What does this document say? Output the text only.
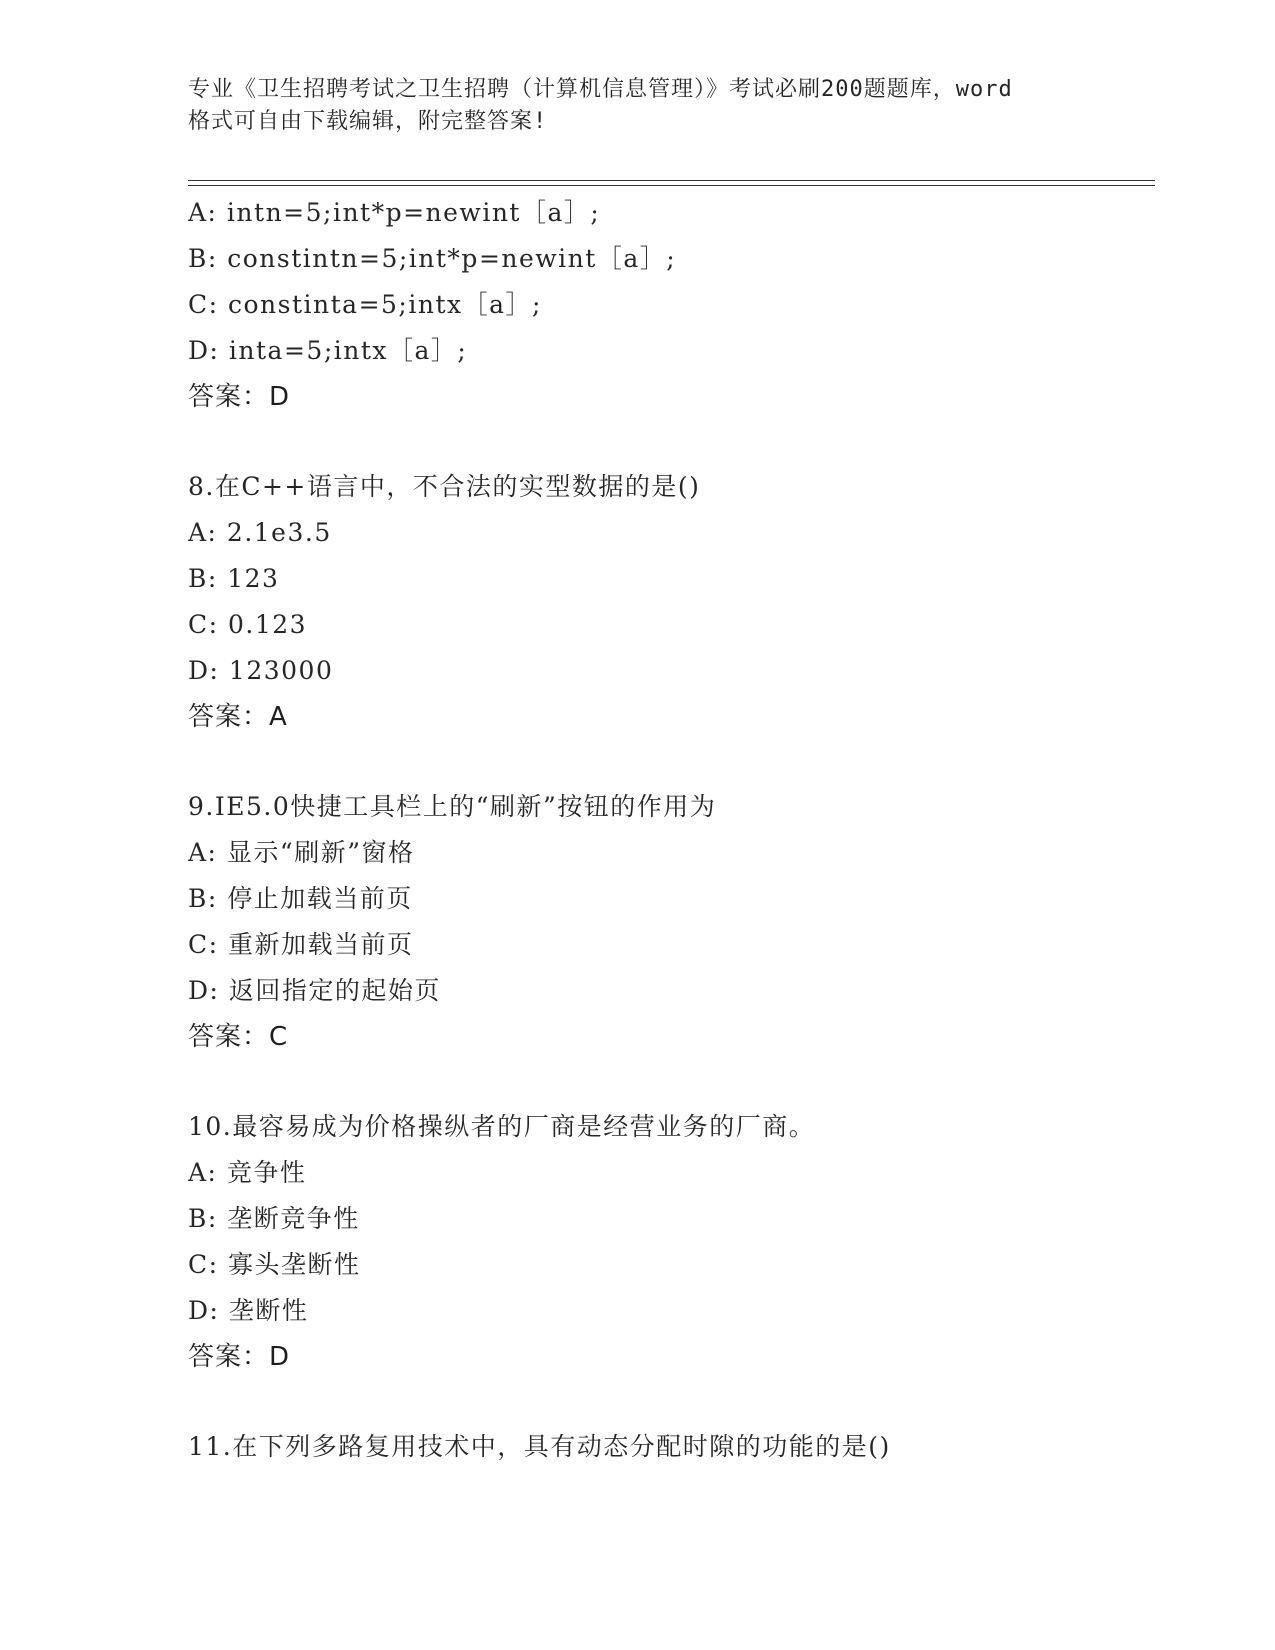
专业《卫生招聘考试之卫生招聘（计算机信息管理）》考试必刷200题题库，word
格式可自由下载编辑，附完整答案!
A: intn=5;int*p=newint［a］;
B: constintn=5;int*p=newint［a］;
C: constinta=5;intx［a］;
D: inta=5;intx［a］;
答案：D
8.在C++语言中，不合法的实型数据的是()
A: 2.1e3.5
B: 123
C: 0.123
D: 123000
答案：A
9.IE5.0快捷工具栏上的“刷新”按钮的作用为
A: 显示“刷新”窗格
B: 停止加载当前页
C: 重新加载当前页
D: 返回指定的起始页
答案：C
10.最容易成为价格操纵者的厂商是经营业务的厂商。
A: 竞争性
B: 垄断竞争性
C: 寡头垄断性
D: 垄断性
答案：D
11.在下列多路复用技术中，具有动态分配时隙的功能的是()
